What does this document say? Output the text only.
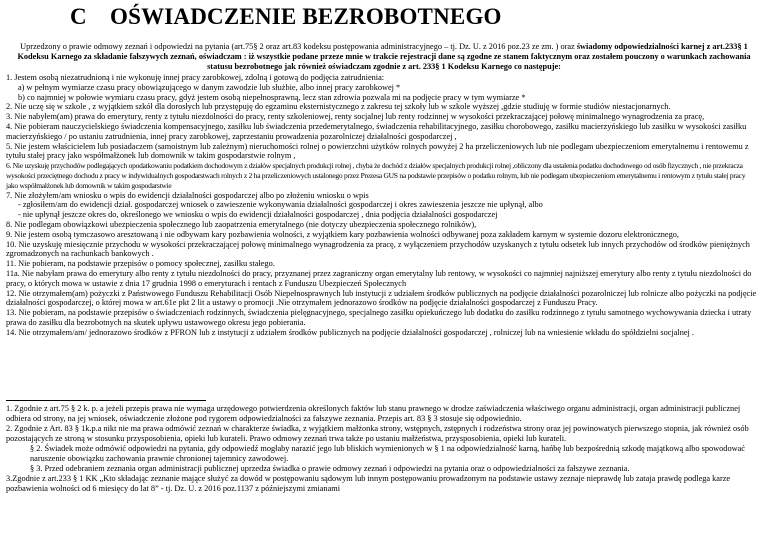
C OŚWIADCZENIE BEZROBOTNEGO
Uprzedzony o prawie odmowy zeznań i odpowiedzi na pytania (art.75§ 2 oraz art.83 kodeksu postępowania administracyjnego – tj. Dz. U. z 2016 poz.23 ze zm. ) oraz świadomy odpowiedzialności karnej z art.233§ 1 Kodeksu Karnego za składanie fałszywych zeznań, oświadczam : iż wszystkie podane przeze mnie w trakcie rejestracji dane są zgodne ze stanem faktycznym oraz zostałem pouczony o warunkach zachowania statusu bezrobotnego jak również oświadczam zgodnie z art. 233§ 1 Kodeksu Karnego co następuje:

1. Jestem osobą niezatrudnioną i nie wykonuję innej pracy zarobkowej, zdolną i gotową do podjęcia zatrudnienia:

a) w pełnym wymiarze czasu pracy obowiązującego w danym zawodzie lub służbie, albo innej pracy zarobkowej *

b) co najmniej w połowie wymiaru czasu pracy, gdyż jestem osobą niepełnosprawną, lecz stan zdrowia pozwala mi na podjęcie pracy w tym wymiarze *

2. Nie uczę się w szkole , z wyjątkiem szkół dla dorosłych lub przystępuję do egzaminu eksternistycznego z zakresu tej szkoły lub w szkole wyższej ,gdzie studiuję w formie studiów niestacjonarnych.

3. Nie nabyłem(am) prawa do emerytury, renty z tytułu niezdolności do pracy, renty szkoleniowej, renty socjalnej lub renty rodzinnej w wysokości przekraczającej połowę minimalnego wynagrodzenia za pracę,

4. Nie pobieram nauczycielskiego świadczenia kompensacyjnego, zasiłku lub świadczenia przedemerytalnego, świadczenia rehabilitacyjnego, zasiłku chorobowego, zasiłku macierzyńskiego lub zasiłku w wysokości zasiłku macierzyńskiego / po ustaniu zatrudnienia, innej pracy zarobkowej, zaprzestaniu prowadzenia pozarolniczej działalności gospodarczej ,

5. Nie jestem właścicielem lub posiadaczem (samoistnym lub zależnym) nieruchomości rolnej o powierzchni użytków rolnych powyżej 2 ha przeliczeniowych lub nie podlegam ubezpieczeniom emerytalnemu i rentowemu z tytułu stałej pracy jako współmałżonek lub domownik w takim gospodarstwie rolnym ,

6. Nie uzyskuję przychodów podlegających opodatkowaniu podatkiem dochodowym z działów specjalnych produkcji rolnej , chyba że dochód z działów specjalnych produkcji rolnej ,obliczony dla ustalenia podatku dochodowego od osób fizycznych , nie przekracza wysokości przeciętnego dochodu z pracy w indywidualnych gospodarstwach rolnych z 2 ha przeliczeniowych ustalonego przez Prezesa GUS na podstawie przepisów o podatku rolnym, lub nie podlegam ubezpieczeniom emerytalnemu i rentowym z tytułu stałej pracy jako współmałżonek lub domownik w takim gospodarstwie

7. Nie złożyłem/am wniosku o wpis do ewidencji działalności gospodarczej albo po złożeniu wniosku o wpis

- zgłosiłem/am do ewidencji dział. gospodarczej wniosek o zawieszenie wykonywania działalności gospodarczej i okres zawieszenia jeszcze nie upłynął, albo

- nie upłynął jeszcze okres do, określonego we wniosku o wpis do ewidencji działalności gospodarczej , dnia podjęcia działalności gospodarczej

8. Nie podlegam obowiązkowi ubezpieczenia społecznego lub zaopatrzenia emerytalnego (nie dotyczy ubezpieczenia społecznego rolników),

9. Nie jestem osobą tymczasowo aresztowaną i nie odbywam kary pozbawienia wolności, z wyjątkiem kary pozbawienia wolności odbywanej poza zakładem karnym w systemie dozoru elektronicznego,

10. Nie uzyskuję miesięcznie przychodu w wysokości przekraczającej połowę minimalnego wynagrodzenia za pracę, z wyłączeniem przychodów uzyskanych z tytułu odsetek lub innych przychodów od środków pieniężnych zgromadzonych na rachunkach bankowych .

11. Nie pobieram, na podstawie przepisów o pomocy społecznej, zasiłku stałego.

11a. Nie nabyłam prawa do emerytury albo renty z tytułu niezdolności do pracy, przyznanej przez zagraniczny organ emerytalny lub rentowy, w wysokości co najmniej najniższej emerytury albo renty z tytułu niezdolności do pracy, o których mowa w ustawie z dnia 17 grudnia 1998 o emeryturach i rentach z Funduszu Ubezpieczeń Społecznych

12. Nie otrzymałem(am) pożyczki z Państwowego Funduszu Rehabilitacji Osób Niepełnosprawnych lub instytucji z udziałem środków publicznych na podjęcie działalności pozarolniczej lub rolnicze albo pożyczki na podjęcie działalności gospodarczej, o której mowa w art.61e pkt 2 lit a ustawy o promocji .Nie otrzymałem jednorazowo środków na podjęcie działalności gospodarczej z Funduszu Pracy.

13. Nie pobieram, na podstawie przepisów o świadczeniach rodzinnych, świadczenia pielęgnacyjnego, specjalnego zasiłku opiekuńczego lub dodatku do zasiłku rodzinnego z tytułu samotnego wychowywania dziecka i utraty prawa do zasiłku dla bezrobotnych na skutek upływu ustawowego okresu jego pobierania.

14. Nie otrzymałem/am/ jednorazowo środków z PFRON lub z instytucji z udziałem środków publicznych na podjęcie działalności gospodarczej , rolniczej lub na wniesienie wkładu do spółdzielni socjalnej .

1. Zgodnie z art.75 § 2 k. p. a jeżeli przepis prawa nie wymaga urzędowego potwierdzenia określonych faktów lub stanu prawnego w drodze zaświadczenia właściwego organu administracji, organ administracji publicznej odbiera od strony, na jej wniosek, oświadczenie złożone pod rygorem odpowiedzialności za fałszywe zeznania. Przepis art. 83 § 3 stosuje się odpowiednio.

2. Zgodnie z Art. 83 § 1k.p.a nikt nie ma prawa odmówić zeznań w charakterze świadka, z wyjątkiem małżonka strony, wstępnych, zstępnych i rodzeństwa strony oraz jej powinowatych pierwszego stopnia, jak również osób pozostających ze stroną w stosunku przysposobienia, opieki lub kurateli. Prawo odmowy zeznań trwa także po ustaniu małżeństwa, przysposobienia, opieki lub kurateli.

§ 2. Świadek może odmówić odpowiedzi na pytania, gdy odpowiedź mogłaby narazić jego lub bliskich wymienionych w § 1 na odpowiedzialność karną, hańbę lub bezpośrednią szkodę majątkową albo spowodować naruszenie obowiązku zachowania prawnie chronionej tajemnicy zawodowej.

§ 3. Przed odebraniem zeznania organ administracji publicznej uprzedza świadka o prawie odmowy zeznań i odpowiedzi na pytania oraz o odpowiedzialności za fałszywe zeznania.

3.Zgodnie z art.233 § 1 KK „Kto składając zeznanie mające służyć za dowód w postępowaniu sądowym lub innym postępowaniu prowadzonym na podstawie ustawy zeznaje nieprawdę lub zataja prawdę podlega karze pozbawienia wolności od 6 miesięcy do lat 8” - tj. Dz. U. z 2016 poz.1137 z późniejszymi zmianami
